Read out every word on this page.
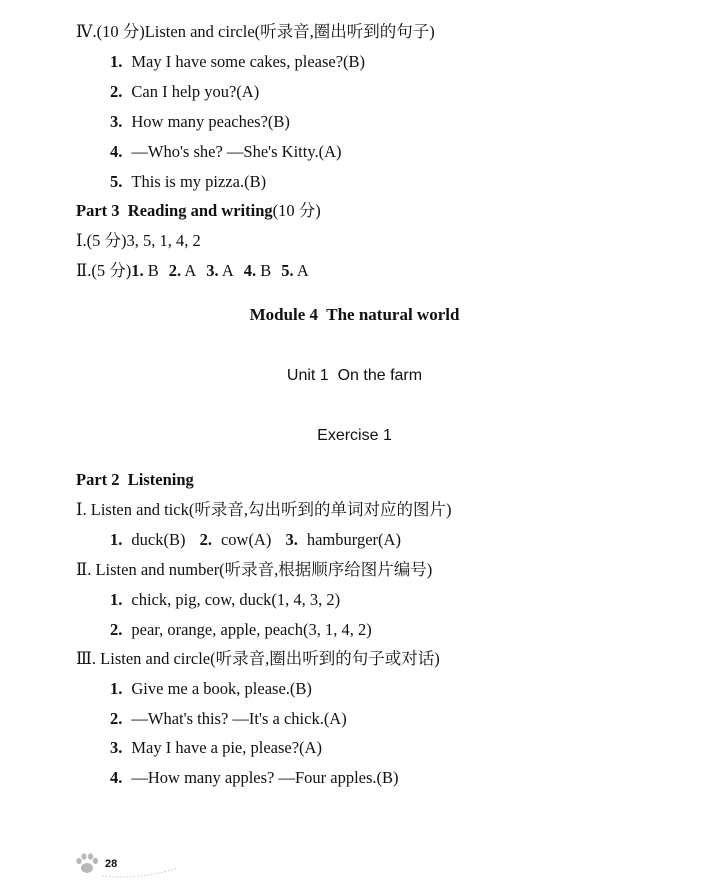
Ⅳ.(10 分)Listen and circle(听录音,圈出听到的句子)
1. May I have some cakes, please?(B)
2. Can I help you?(A)
3. How many peaches?(B)
4. —Who's she? —She's Kitty.(A)
5. This is my pizza.(B)
Part 3  Reading and writing(10 分)
Ⅰ.(5 分)3, 5, 1, 4, 2
Ⅱ.(5 分)1. B 2. A 3. A 4. B 5. A
Module 4  The natural world
Unit 1  On the farm
Exercise 1
Part 2  Listening
Ⅰ. Listen and tick(听录音,勾出听到的单词对应的图片)
1. duck(B) 2. cow(A) 3. hamburger(A)
Ⅱ. Listen and number(听录音,根据顺序给图片编号)
1. chick, pig, cow, duck(1, 4, 3, 2)
2. pear, orange, apple, peach(3, 1, 4, 2)
Ⅲ. Listen and circle(听录音,圈出听到的句子或对话)
1. Give me a book, please.(B)
2. —What's this? —It's a chick.(A)
3. May I have a pie, please?(A)
4. —How many apples? —Four apples.(B)
28
